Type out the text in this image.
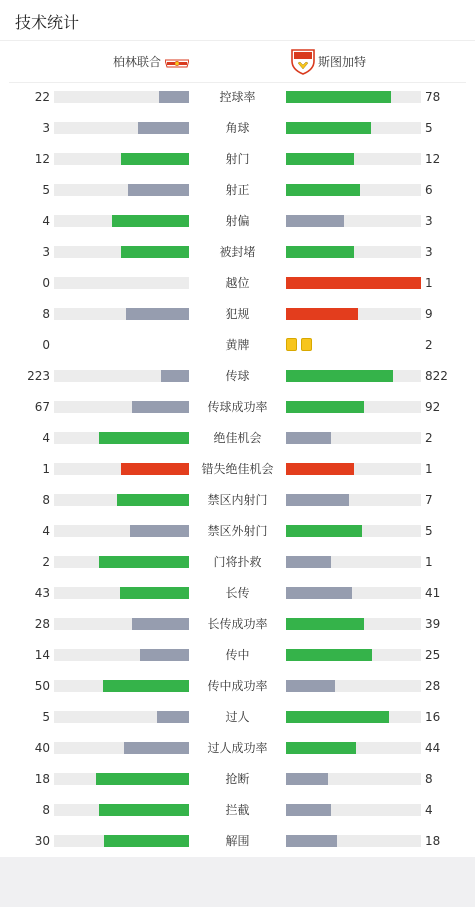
技术统计
柏林联合	斯图加特
22	控球率	78
3	角球	5
12	射门	12
5	射正	6
4	射偏	3
3	被封堵	3
0	越位	1
8	犯规	9
0	黄牌	2
223	传球	822
67	传球成功率	92
4	绝佳机会	2
1	错失绝佳机会	1
8	禁区内射门	7
4	禁区外射门	5
2	门将扑救	1
43	长传	41
28	长传成功率	39
14	传中	25
50	传中成功率	28
5	过人	16
40	过人成功率	44
18	抢断	8
8	拦截	4
30	解围	18
